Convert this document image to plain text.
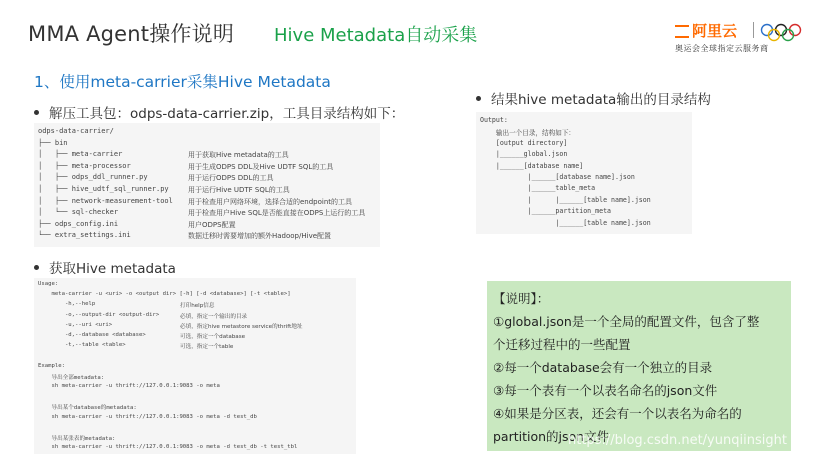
MMA Agent操作说明 Hive Metadata自动采集	阿里云
奥运会全球指定云服务商
1、使用meta-carrier采集Hive Metadata
解压工具包：odps-data-carrier.zip，工具目录结构如下：
odps-data-carrier/
├── bin
│   ├── meta-carrier	用于获取Hive metadata的工具
│   ├── meta-processor	用于生成ODPS DDL及Hive UDTF SQL的工具
│   ├── odps_ddl_runner.py	用于运行ODPS DDL的工具
│   ├── hive_udtf_sql_runner.py	用于运行Hive UDTF SQL的工具
│   ├── network-measurement-tool 用于检查用户网络环境，选择合适的endpoint的工具
│   └── sql-checker	用于检查用户Hive SQL是否能直接在ODPS上运行的工具
├── odps_config.ini	用户ODPS配置
└── extra_settings.ini	数据迁移时需要增加的额外Hadoop/Hive配置
获取Hive metadata
Usage:
meta-carrier -u <uri> -o <output dir> [-h] [-d <database>] [-t <table>]
-h,--help	打印help信息
-o,--output-dir <output-dir>	必填，指定一个输出的目录
-u,--uri <uri>	必填，指定hive metastore service的thrift地址
-d,--database <database>	可选，指定一个database
-t,--table <table>	可选，指定一个table
Example:
导出全部metadata:
sh meta-carrier -u thrift://127.0.0.1:9083 -o meta
导出某个database的metadata:
sh meta-carrier -u thrift://127.0.0.1:9083 -o meta -d test_db
导出某张表的metadata:
sh meta-carrier -u thrift://127.0.0.1:9083 -o meta -d test_db -t test_tbl
结果hive metadata输出的目录结构
Output:
输出一个目录，结构如下：
[output directory]
|______global.json
|______[database name]
|______[database name].json
|______table_meta
|      |______[table name].json
|______partition_meta
|______[table name].json
【说明】：
①global.json是一个全局的配置文件，包含了整
个迁移过程中的一些配置
②每一个database会有一个独立的目录
③每一个表有一个以表名命名的json文件
④如果是分区表，还会有一个以表名为命名的
partition的json文件
https://blog.csdn.net/yunqiinsight
